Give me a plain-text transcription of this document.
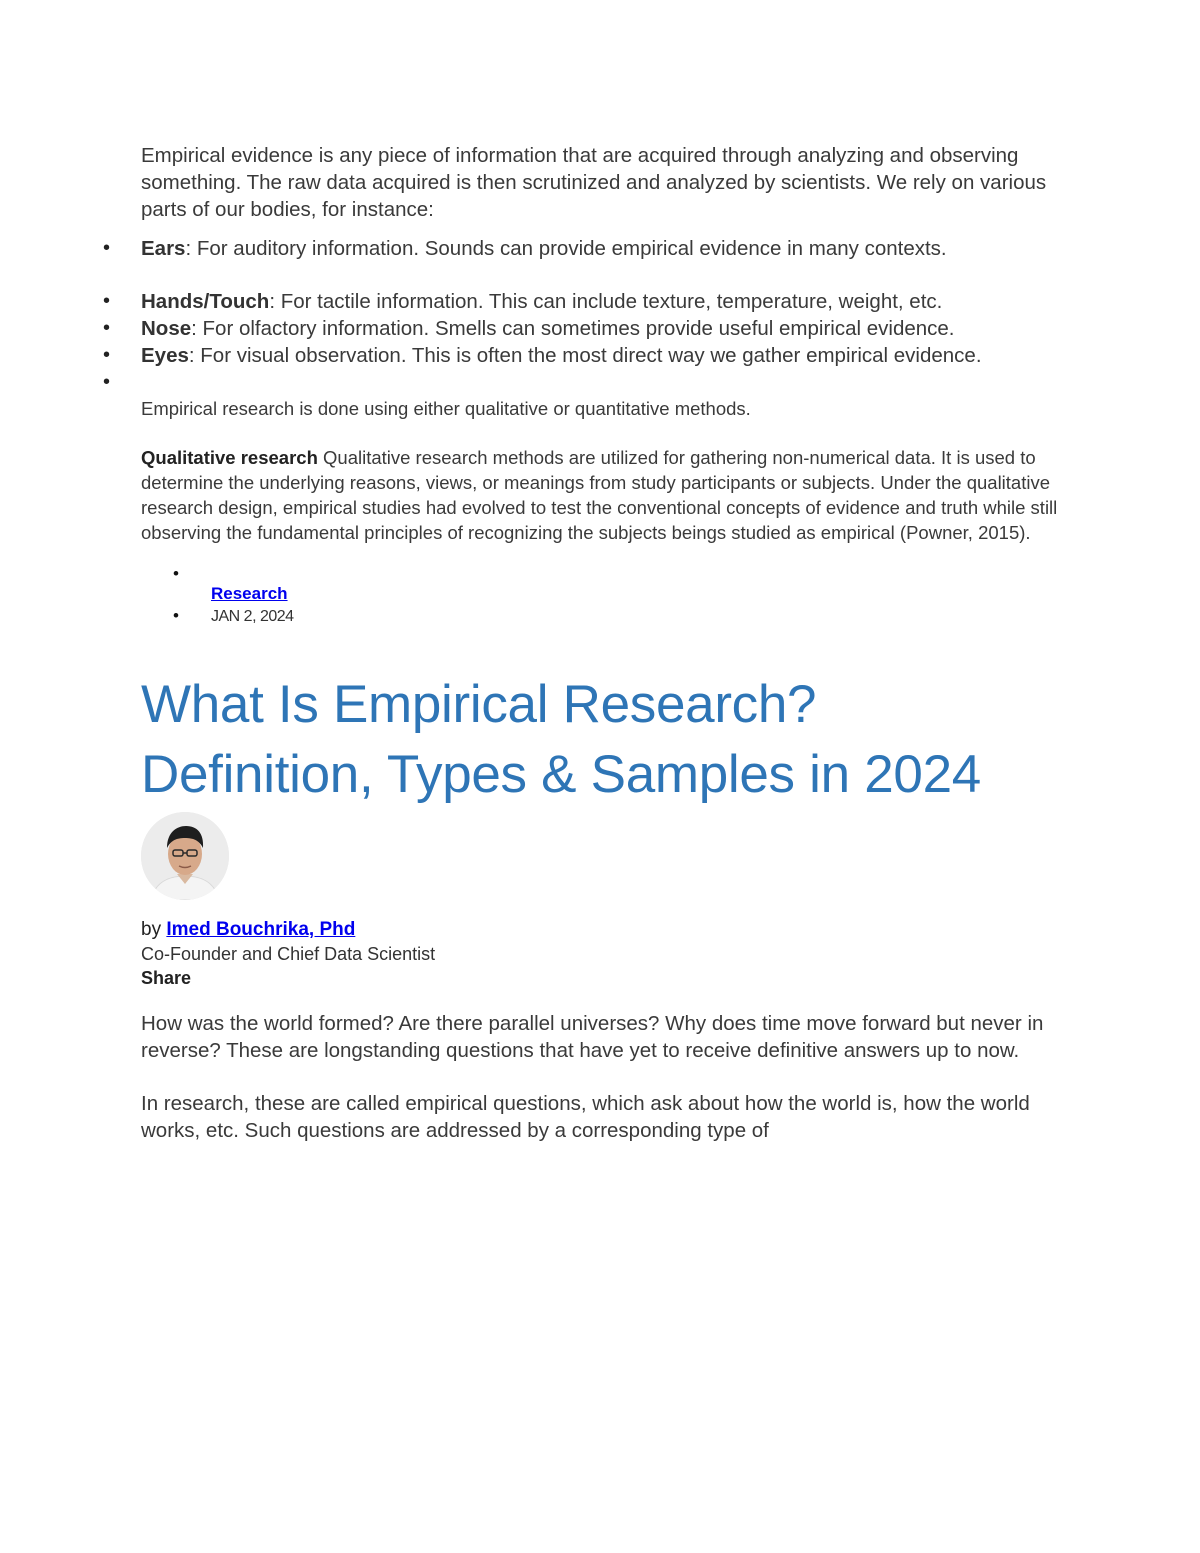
Empirical evidence is any piece of information that are acquired through analyzing and observing something. The raw data acquired is then scrutinized and analyzed by scientists. We rely on various parts of our bodies, for instance:

• Ears: For auditory information. Sounds can provide empirical evidence in many contexts.
• Hands/Touch: For tactile information. This can include texture, temperature, weight, etc.
• Nose: For olfactory information. Smells can sometimes provide useful empirical evidence.
• Eyes: For visual observation. This is often the most direct way we gather empirical evidence.
•

Empirical research is done using either qualitative or quantitative methods.

Qualitative research Qualitative research methods are utilized for gathering non-numerical data. It is used to determine the underlying reasons, views, or meanings from study participants or subjects. Under the qualitative research design, empirical studies had evolved to test the conventional concepts of evidence and truth while still observing the fundamental principles of recognizing the subjects beings studied as empirical (Powner, 2015).

•
Research
• JAN 2, 2024
What Is Empirical Research? Definition, Types & Samples in 2024
by Imed Bouchrika, Phd
Co-Founder and Chief Data Scientist
Share

How was the world formed? Are there parallel universes? Why does time move forward but never in reverse? These are longstanding questions that have yet to receive definitive answers up to now.

In research, these are called empirical questions, which ask about how the world is, how the world works, etc. Such questions are addressed by a corresponding type of
